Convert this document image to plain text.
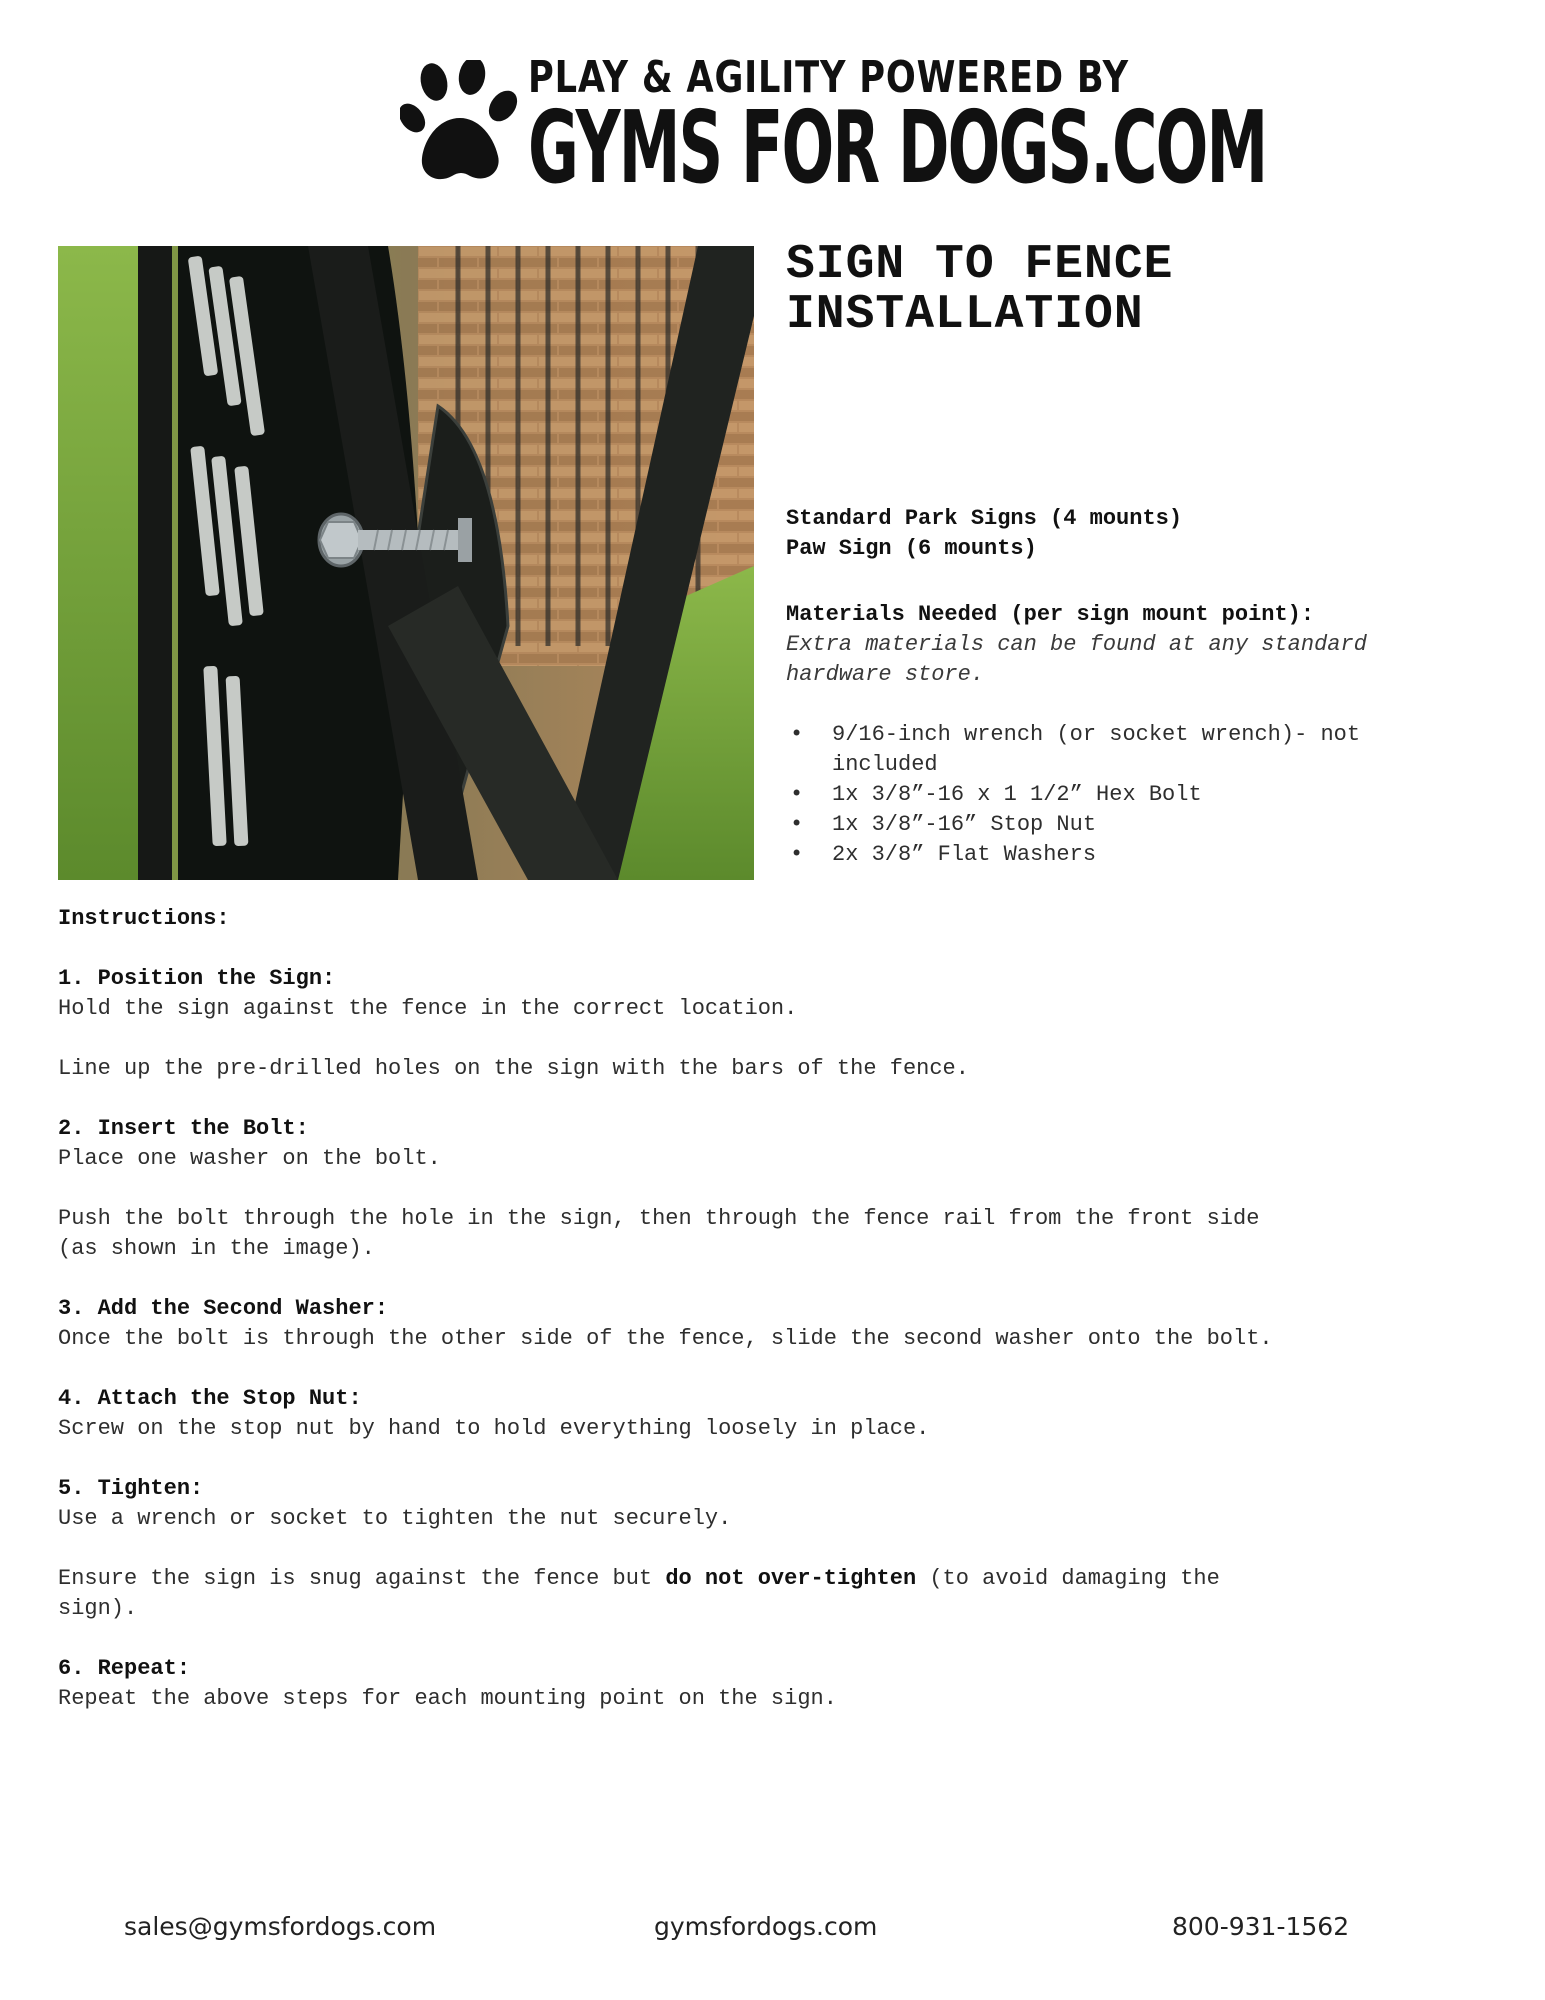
PLAY & AGILITY POWERED BY
GYMS FOR DOGS.COM
SIGN TO FENCE
INSTALLATION
Standard Park Signs (4 mounts)
Paw Sign (6 mounts)
Materials Needed (per sign mount point):
Extra materials can be found at any standard
hardware store.
• 9/16-inch wrench (or socket wrench)- not
included
• 1x 3/8”-16 x 1 1/2” Hex Bolt
• 1x 3/8”-16” Stop Nut
• 2x 3/8” Flat Washers
Instructions:
1. Position the Sign:

Hold the sign against the fence in the correct location.

Line up the pre-drilled holes on the sign with the bars of the fence.

2. Insert the Bolt:

Place one washer on the bolt.

Push the bolt through the hole in the sign, then through the fence rail from the front side
(as shown in the image).

3. Add the Second Washer:

Once the bolt is through the other side of the fence, slide the second washer onto the bolt.

4. Attach the Stop Nut:

Screw on the stop nut by hand to hold everything loosely in place.

5. Tighten:

Use a wrench or socket to tighten the nut securely.

Ensure the sign is snug against the fence but do not over-tighten (to avoid damaging the
sign).

6. Repeat:

Repeat the above steps for each mounting point on the sign.

sales@gymsfordogs.com	gymsfordogs.com	800-931-1562
